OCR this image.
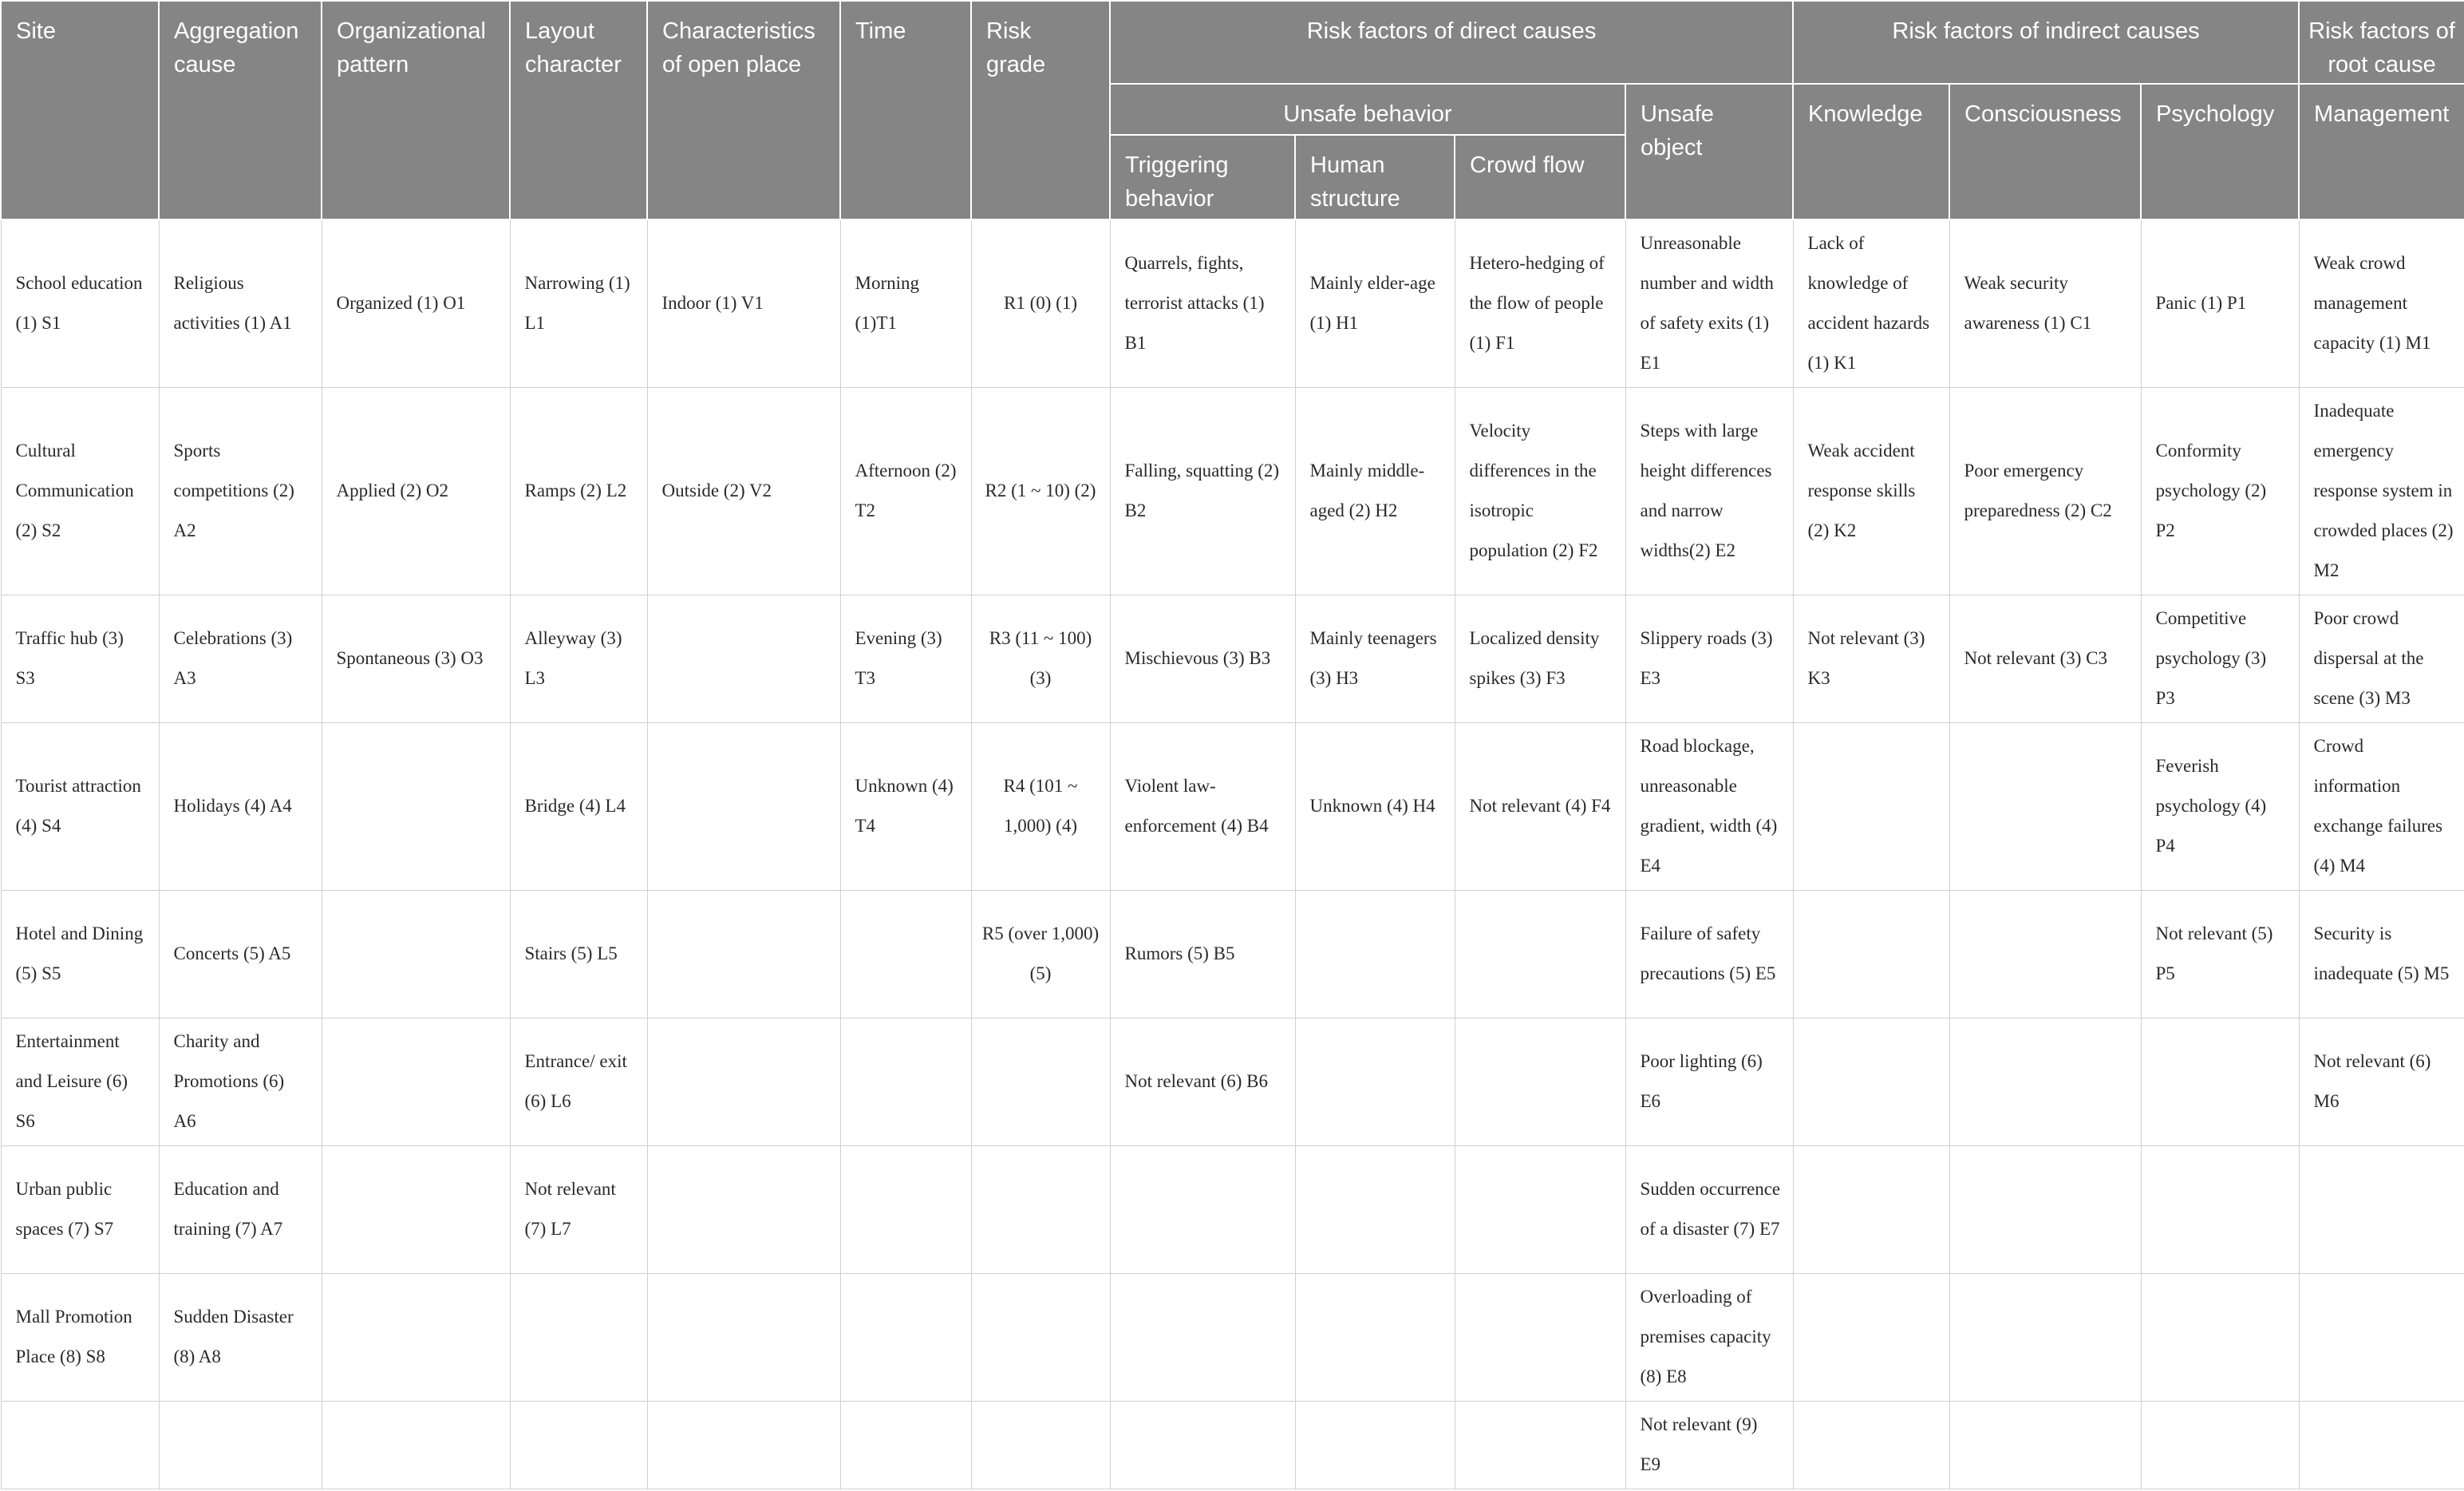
Site	Aggregation cause	Organizational pattern	Layout character	Characteristics of open place	Time	Risk grade	Risk factors of direct causes				Risk factors of indirect causes			Risk factors of root cause
							Unsafe behavior			Unsafe object	Knowledge	Consciousness	Psychology	Management
							Triggering behavior	Human structure	Crowd flow					
School education (1) S1	Religious activities (1) A1	Organized (1) O1	Narrowing (1) L1	Indoor (1) V1	Morning (1)T1	R1 (0) (1)	Quarrels, fights, terrorist attacks (1) B1	Mainly elder-age (1) H1	Hetero-hedging of the flow of people (1) F1	Unreasonable number and width of safety exits (1) E1	Lack of knowledge of accident hazards (1) K1	Weak security awareness (1) C1	Panic (1) P1	Weak crowd management capacity (1) M1
Cultural Communication (2) S2	Sports competitions (2) A2	Applied (2) O2	Ramps (2) L2	Outside (2) V2	Afternoon (2) T2	R2 (1 ~ 10) (2)	Falling, squatting (2) B2	Mainly middle-aged (2) H2	Velocity differences in the isotropic population (2) F2	Steps with large height differences and narrow widths(2) E2	Weak accident response skills (2) K2	Poor emergency preparedness (2) C2	Conformity psychology (2) P2	Inadequate emergency response system in crowded places (2) M2
Traffic hub (3) S3	Celebrations (3) A3	Spontaneous (3) O3	Alleyway (3) L3		Evening (3) T3	R3 (11 ~ 100) (3)	Mischievous (3) B3	Mainly teenagers (3) H3	Localized density spikes (3) F3	Slippery roads (3) E3	Not relevant (3) K3	Not relevant (3) C3	Competitive psychology (3) P3	Poor crowd dispersal at the scene (3) M3
Tourist attraction (4) S4	Holidays (4) A4		Bridge (4) L4		Unknown (4) T4	R4 (101 ~ 1,000) (4)	Violent law-enforcement (4) B4	Unknown (4) H4	Not relevant (4) F4	Road blockage, unreasonable gradient, width (4) E4			Feverish psychology (4) P4	Crowd information exchange failures (4) M4
Hotel and Dining (5) S5	Concerts (5) A5		Stairs (5) L5			R5 (over 1,000) (5)	Rumors (5) B5			Failure of safety precautions (5) E5			Not relevant (5) P5	Security is inadequate (5) M5
Entertainment and Leisure (6) S6	Charity and Promotions (6) A6		Entrance/ exit (6) L6				Not relevant (6) B6			Poor lighting (6) E6				Not relevant (6) M6
Urban public spaces (7) S7	Education and training (7) A7		Not relevant (7) L7							Sudden occurrence of a disaster (7) E7				
Mall Promotion Place (8) S8	Sudden Disaster (8) A8									Overloading of premises capacity (8) E8				
										Not relevant (9) E9				
